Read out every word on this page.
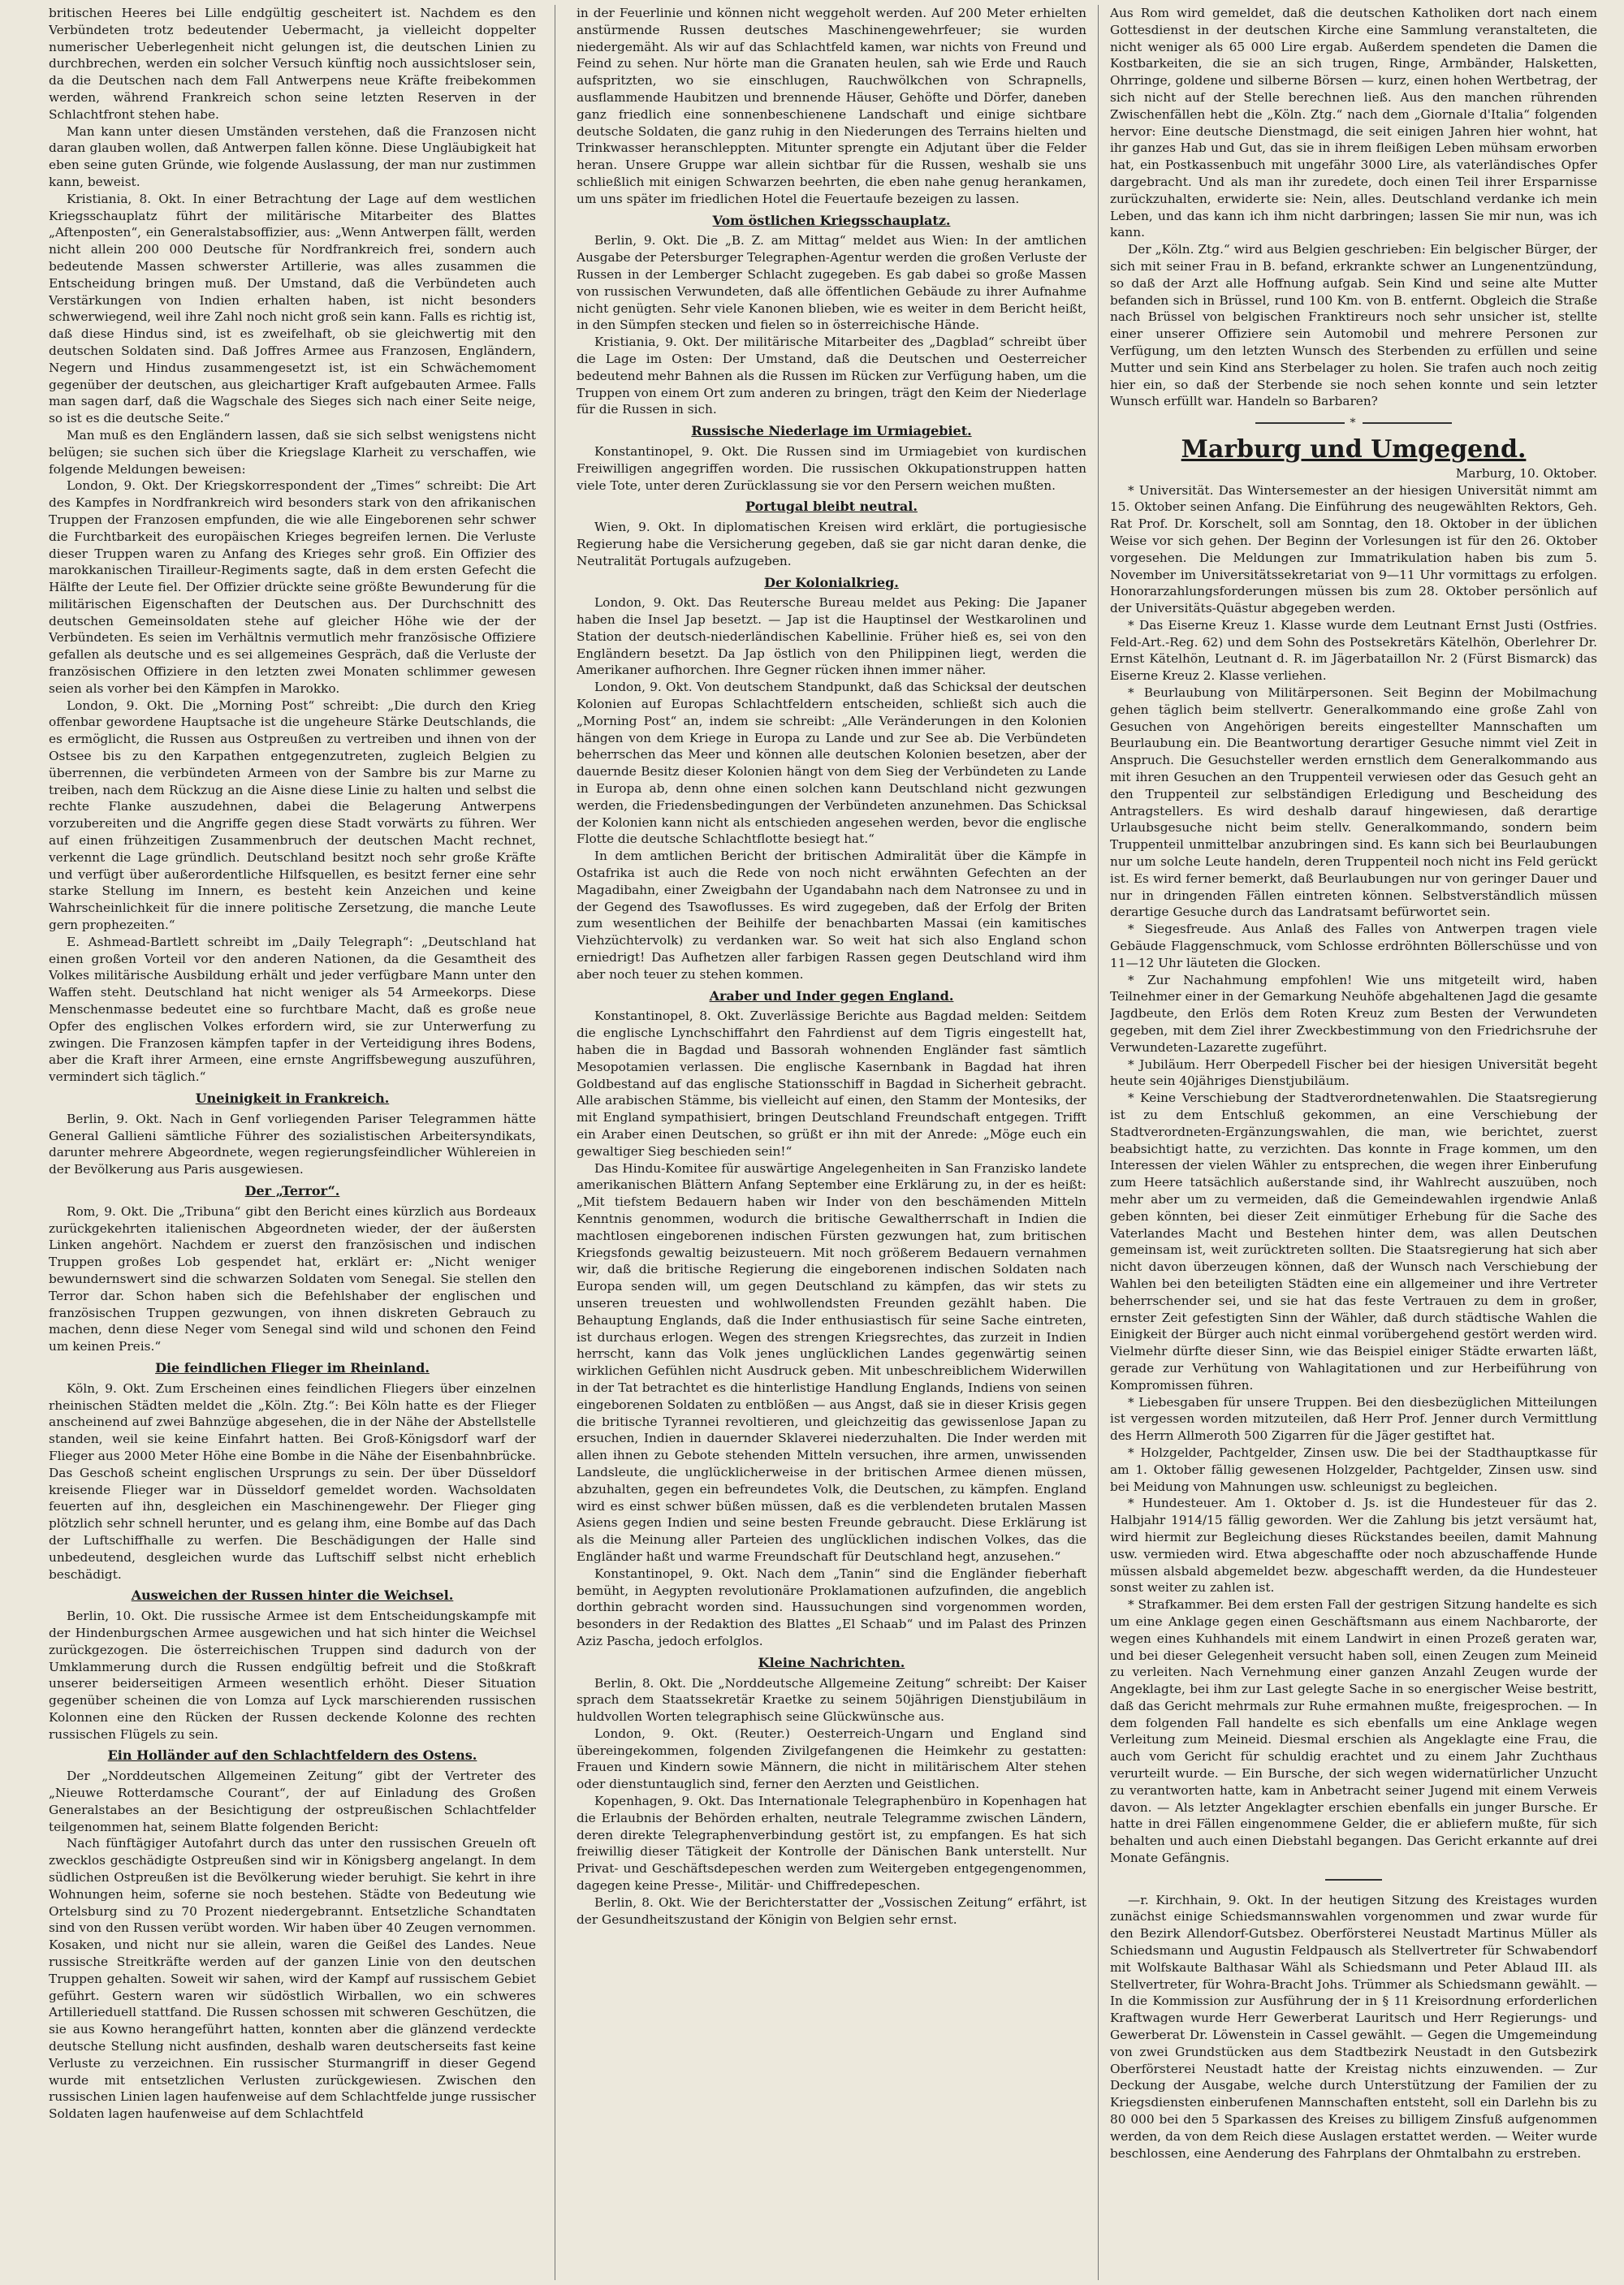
britischen Heeres bei Lille endgültig gescheitert ist. Nachdem es den Verbündeten trotz bedeutender Uebermacht, ja vielleicht doppelter numerischer Ueberlegenheit nicht gelungen ist, die deutschen Linien zu durchbrechen, werden ein solcher Versuch künftig noch aussichtsloser sein, da die Deutschen nach dem Fall Antwerpens neue Kräfte freibekommen werden, während Frankreich schon seine letzten Reserven in der Schlachtfront stehen habe.

Man kann unter diesen Umständen verstehen, daß die Franzosen nicht daran glauben wollen, daß Antwerpen fallen könne. Diese Ungläubigkeit hat eben seine guten Gründe, wie folgende Auslassung, der man nur zustimmen kann, beweist.

Kristiania, 8. Okt. In einer Betrachtung der Lage auf dem westlichen Kriegsschauplatz führt der militärische Mitarbeiter des Blattes „Aftenposten“, ein Generalstabsoffizier, aus: „Wenn Antwerpen fällt, werden nicht allein 200 000 Deutsche für Nordfrankreich frei, sondern auch bedeutende Massen schwerster Artillerie, was alles zusammen die Entscheidung bringen muß. Der Umstand, daß die Verbündeten auch Verstärkungen von Indien erhalten haben, ist nicht besonders schwerwiegend, weil ihre Zahl noch nicht groß sein kann. Falls es richtig ist, daß diese Hindus sind, ist es zweifelhaft, ob sie gleichwertig mit den deutschen Soldaten sind. Daß Joffres Armee aus Franzosen, Engländern, Negern und Hindus zusammengesetzt ist, ist ein Schwächemoment gegenüber der deutschen, aus gleichartiger Kraft aufgebauten Armee. Falls man sagen darf, daß die Wagschale des Sieges sich nach einer Seite neige, so ist es die deutsche Seite.“

Man muß es den Engländern lassen, daß sie sich selbst wenigstens nicht belügen; sie suchen sich über die Kriegslage Klarheit zu verschaffen, wie folgende Meldungen beweisen:

London, 9. Okt. Der Kriegskorrespondent der „Times“ schreibt: Die Art des Kampfes in Nordfrankreich wird besonders stark von den afrikanischen Truppen der Franzosen empfunden, die wie alle Eingeborenen sehr schwer die Furchtbarkeit des europäischen Krieges begreifen lernen. Die Verluste dieser Truppen waren zu Anfang des Krieges sehr groß. Ein Offizier des marokkanischen Tirailleur-Regiments sagte, daß in dem ersten Gefecht die Hälfte der Leute fiel. Der Offizier drückte seine größte Bewunderung für die militärischen Eigenschaften der Deutschen aus. Der Durchschnitt des deutschen Gemeinsoldaten stehe auf gleicher Höhe wie der der Verbündeten. Es seien im Verhältnis vermutlich mehr französische Offiziere gefallen als deutsche und es sei allgemeines Gespräch, daß die Verluste der französischen Offiziere in den letzten zwei Monaten schlimmer gewesen seien als vorher bei den Kämpfen in Marokko.

London, 9. Okt. Die „Morning Post“ schreibt: „Die durch den Krieg offenbar gewordene Hauptsache ist die ungeheure Stärke Deutschlands, die es ermöglicht, die Russen aus Ostpreußen zu vertreiben und ihnen von der Ostsee bis zu den Karpathen entgegenzutreten, zugleich Belgien zu überrennen, die verbündeten Armeen von der Sambre bis zur Marne zu treiben, nach dem Rückzug an die Aisne diese Linie zu halten und selbst die rechte Flanke auszudehnen, dabei die Belagerung Antwerpens vorzubereiten und die Angriffe gegen diese Stadt vorwärts zu führen. Wer auf einen frühzeitigen Zusammenbruch der deutschen Macht rechnet, verkennt die Lage gründlich. Deutschland besitzt noch sehr große Kräfte und verfügt über außerordentliche Hilfsquellen, es besitzt ferner eine sehr starke Stellung im Innern, es besteht kein Anzeichen und keine Wahrscheinlichkeit für die innere politische Zersetzung, die manche Leute gern prophezeiten.“

E. Ashmead-Bartlett schreibt im „Daily Telegraph“: „Deutschland hat einen großen Vorteil vor den anderen Nationen, da die Gesamtheit des Volkes militärische Ausbildung erhält und jeder verfügbare Mann unter den Waffen steht. Deutschland hat nicht weniger als 54 Armeekorps. Diese Menschenmasse bedeutet eine so furchtbare Macht, daß es große neue Opfer des englischen Volkes erfordern wird, sie zur Unterwerfung zu zwingen. Die Franzosen kämpfen tapfer in der Verteidigung ihres Bodens, aber die Kraft ihrer Armeen, eine ernste Angriffsbewegung auszuführen, vermindert sich täglich.“

Uneinigkeit in Frankreich.

Berlin, 9. Okt. Nach in Genf vorliegenden Pariser Telegrammen hätte General Gallieni sämtliche Führer des sozialistischen Arbeitersyndikats, darunter mehrere Abgeordnete, wegen regierungsfeindlicher Wühlereien in der Bevölkerung aus Paris ausgewiesen.

Der „Terror“.

Rom, 9. Okt. Die „Tribuna“ gibt den Bericht eines kürzlich aus Bordeaux zurückgekehrten italienischen Abgeordneten wieder, der der äußersten Linken angehört. Nachdem er zuerst den französischen und indischen Truppen großes Lob gespendet hat, erklärt er: „Nicht weniger bewundernswert sind die schwarzen Soldaten vom Senegal. Sie stellen den Terror dar. Schon haben sich die Befehlshaber der englischen und französischen Truppen gezwungen, von ihnen diskreten Gebrauch zu machen, denn diese Neger vom Senegal sind wild und schonen den Feind um keinen Preis.“

Die feindlichen Flieger im Rheinland.

Köln, 9. Okt. Zum Erscheinen eines feindlichen Fliegers über einzelnen rheinischen Städten meldet die „Köln. Ztg.“: Bei Köln hatte es der Flieger anscheinend auf zwei Bahnzüge abgesehen, die in der Nähe der Abstellstelle standen, weil sie keine Einfahrt hatten. Bei Groß-Königsdorf warf der Flieger aus 2000 Meter Höhe eine Bombe in die Nähe der Eisenbahnbrücke. Das Geschoß scheint englischen Ursprungs zu sein. Der über Düsseldorf kreisende Flieger war in Düsseldorf gemeldet worden. Wachsoldaten feuerten auf ihn, desgleichen ein Maschinengewehr. Der Flieger ging plötzlich sehr schnell herunter, und es gelang ihm, eine Bombe auf das Dach der Luftschiffhalle zu werfen. Die Beschädigungen der Halle sind unbedeutend, desgleichen wurde das Luftschiff selbst nicht erheblich beschädigt.

Ausweichen der Russen hinter die Weichsel.

Berlin, 10. Okt. Die russische Armee ist dem Entscheidungskampfe mit der Hindenburgschen Armee ausgewichen und hat sich hinter die Weichsel zurückgezogen. Die österreichischen Truppen sind dadurch von der Umklammerung durch die Russen endgültig befreit und die Stoßkraft unserer beiderseitigen Armeen wesentlich erhöht. Dieser Situation gegenüber scheinen die von Lomza auf Lyck marschierenden russischen Kolonnen eine den Rücken der Russen deckende Kolonne des rechten russischen Flügels zu sein.

Ein Holländer auf den Schlachtfeldern des Ostens.

Der „Norddeutschen Allgemeinen Zeitung“ gibt der Vertreter des „Nieuwe Rotterdamsche Courant“, der auf Einladung des Großen Generalstabes an der Besichtigung der ostpreußischen Schlachtfelder teilgenommen hat, seinem Blatte folgenden Bericht:

Nach fünftägiger Autofahrt durch das unter den russischen Greueln oft zwecklos geschädigte Ostpreußen sind wir in Königsberg angelangt. In dem südlichen Ostpreußen ist die Bevölkerung wieder beruhigt. Sie kehrt in ihre Wohnungen heim, soferne sie noch bestehen. Städte von Bedeutung wie Ortelsburg sind zu 70 Prozent niedergebrannt. Entsetzliche Schandtaten sind von den Russen verübt worden. Wir haben über 40 Zeugen vernommen. Kosaken, und nicht nur sie allein, waren die Geißel des Landes. Neue russische Streitkräfte werden auf der ganzen Linie von den deutschen Truppen gehalten. Soweit wir sahen, wird der Kampf auf russischem Gebiet geführt. Gestern waren wir südöstlich Wirballen, wo ein schweres Artillerieduell stattfand. Die Russen schossen mit schweren Geschützen, die sie aus Kowno herangeführt hatten, konnten aber die glänzend verdeckte deutsche Stellung nicht ausfinden, deshalb waren deutscherseits fast keine Verluste zu verzeichnen. Ein russischer Sturmangriff in dieser Gegend wurde mit entsetzlichen Verlusten zurückgewiesen. Zwischen den russischen Linien lagen haufenweise auf dem Schlachtfelde junge russischer Soldaten lagen haufenweise auf dem Schlachtfeld

in der Feuerlinie und können nicht weggeholt werden. Auf 200 Meter erhielten anstürmende Russen deutsches Maschinengewehrfeuer; sie wurden niedergemäht. Als wir auf das Schlachtfeld kamen, war nichts von Freund und Feind zu sehen. Nur hörte man die Granaten heulen, sah wie Erde und Rauch aufspritzten, wo sie einschlugen, Rauchwölkchen von Schrapnells, ausflammende Haubitzen und brennende Häuser, Gehöfte und Dörfer, daneben ganz friedlich eine sonnenbeschienene Landschaft und einige sichtbare deutsche Soldaten, die ganz ruhig in den Niederungen des Terrains hielten und Trinkwasser heranschleppten. Mitunter sprengte ein Adjutant über die Felder heran. Unsere Gruppe war allein sichtbar für die Russen, weshalb sie uns schließlich mit einigen Schwarzen beehrten, die eben nahe genug herankamen, um uns später im friedlichen Hotel die Feuertaufe bezeigen zu lassen.

Vom östlichen Kriegsschauplatz.

Berlin, 9. Okt. Die „B. Z. am Mittag“ meldet aus Wien: In der amtlichen Ausgabe der Petersburger Telegraphen-Agentur werden die großen Verluste der Russen in der Lemberger Schlacht zugegeben. Es gab dabei so große Massen von russischen Verwundeten, daß alle öffentlichen Gebäude zu ihrer Aufnahme nicht genügten. Sehr viele Kanonen blieben, wie es weiter in dem Bericht heißt, in den Sümpfen stecken und fielen so in österreichische Hände.

Kristiania, 9. Okt. Der militärische Mitarbeiter des „Dagblad“ schreibt über die Lage im Osten: Der Umstand, daß die Deutschen und Oesterreicher bedeutend mehr Bahnen als die Russen im Rücken zur Verfügung haben, um die Truppen von einem Ort zum anderen zu bringen, trägt den Keim der Niederlage für die Russen in sich.

Russische Niederlage im Urmiagebiet.

Konstantinopel, 9. Okt. Die Russen sind im Urmiagebiet von kurdischen Freiwilligen angegriffen worden. Die russischen Okkupationstruppen hatten viele Tote, unter deren Zurücklassung sie vor den Persern weichen mußten.

Portugal bleibt neutral.

Wien, 9. Okt. In diplomatischen Kreisen wird erklärt, die portugiesische Regierung habe die Versicherung gegeben, daß sie gar nicht daran denke, die Neutralität Portugals aufzugeben.

Der Kolonialkrieg.

London, 9. Okt. Das Reutersche Bureau meldet aus Peking: Die Japaner haben die Insel Jap besetzt. — Jap ist die Hauptinsel der Westkarolinen und Station der deutsch-niederländischen Kabellinie. Früher hieß es, sei von den Engländern besetzt. Da Jap östlich von den Philippinen liegt, werden die Amerikaner aufhorchen. Ihre Gegner rücken ihnen immer näher.

London, 9. Okt. Von deutschem Standpunkt, daß das Schicksal der deutschen Kolonien auf Europas Schlachtfeldern entscheiden, schließt sich auch die „Morning Post“ an, indem sie schreibt: „Alle Veränderungen in den Kolonien hängen von dem Kriege in Europa zu Lande und zur See ab. Die Verbündeten beherrschen das Meer und können alle deutschen Kolonien besetzen, aber der dauernde Besitz dieser Kolonien hängt von dem Sieg der Verbündeten zu Lande in Europa ab, denn ohne einen solchen kann Deutschland nicht gezwungen werden, die Friedensbedingungen der Verbündeten anzunehmen. Das Schicksal der Kolonien kann nicht als entschieden angesehen werden, bevor die englische Flotte die deutsche Schlachtflotte besiegt hat.“

In dem amtlichen Bericht der britischen Admiralität über die Kämpfe in Ostafrika ist auch die Rede von noch nicht erwähnten Gefechten an der Magadibahn, einer Zweigbahn der Ugandabahn nach dem Natronsee zu und in der Gegend des Tsawoflusses. Es wird zugegeben, daß der Erfolg der Briten zum wesentlichen der Beihilfe der benachbarten Massai (ein kamitisches Viehzüchtervolk) zu verdanken war. So weit hat sich also England schon erniedrigt! Das Aufhetzen aller farbigen Rassen gegen Deutschland wird ihm aber noch teuer zu stehen kommen.

Araber und Inder gegen England.

Konstantinopel, 8. Okt. Zuverlässige Berichte aus Bagdad melden: Seitdem die englische Lynchschiffahrt den Fahrdienst auf dem Tigris eingestellt hat, haben die in Bagdad und Bassorah wohnenden Engländer fast sämtlich Mesopotamien verlassen. Die englische Kasernbank in Bagdad hat ihren Goldbestand auf das englische Stationsschiff in Bagdad in Sicherheit gebracht. Alle arabischen Stämme, bis vielleicht auf einen, den Stamm der Montesiks, der mit England sympathisiert, bringen Deutschland Freundschaft entgegen. Trifft ein Araber einen Deutschen, so grüßt er ihn mit der Anrede: „Möge euch ein gewaltiger Sieg beschieden sein!“

Das Hindu-Komitee für auswärtige Angelegenheiten in San Franzisko landete amerikanischen Blättern Anfang September eine Erklärung zu, in der es heißt: „Mit tiefstem Bedauern haben wir Inder von den beschämenden Mitteln Kenntnis genommen, wodurch die britische Gewaltherrschaft in Indien die machtlosen eingeborenen indischen Fürsten gezwungen hat, zum britischen Kriegsfonds gewaltig beizusteuern. Mit noch größerem Bedauern vernahmen wir, daß die britische Regierung die eingeborenen indischen Soldaten nach Europa senden will, um gegen Deutschland zu kämpfen, das wir stets zu unseren treuesten und wohlwollendsten Freunden gezählt haben. Die Behauptung Englands, daß die Inder enthusiastisch für seine Sache eintreten, ist durchaus erlogen. Wegen des strengen Kriegsrechtes, das zurzeit in Indien herrscht, kann das Volk jenes unglücklichen Landes gegenwärtig seinen wirklichen Gefühlen nicht Ausdruck geben. Mit unbeschreiblichem Widerwillen in der Tat betrachtet es die hinterlistige Handlung Englands, Indiens von seinen eingeborenen Soldaten zu entblößen — aus Angst, daß sie in dieser Krisis gegen die britische Tyrannei revoltieren, und gleichzeitig das gewissenlose Japan zu ersuchen, Indien in dauernder Sklaverei niederzuhalten. Die Inder werden mit allen ihnen zu Gebote stehenden Mitteln versuchen, ihre armen, unwissenden Landsleute, die unglücklicherweise in der britischen Armee dienen müssen, abzuhalten, gegen ein befreundetes Volk, die Deutschen, zu kämpfen. England wird es einst schwer büßen müssen, daß es die verblendeten brutalen Massen Asiens gegen Indien und seine besten Freunde gebraucht. Diese Erklärung ist als die Meinung aller Parteien des unglücklichen indischen Volkes, das die Engländer haßt und warme Freundschaft für Deutschland hegt, anzusehen.“

Konstantinopel, 9. Okt. Nach dem „Tanin“ sind die Engländer fieberhaft bemüht, in Aegypten revolutionäre Proklamationen aufzufinden, die angeblich dorthin gebracht worden sind. Haussuchungen sind vorgenommen worden, besonders in der Redaktion des Blattes „El Schaab“ und im Palast des Prinzen Aziz Pascha, jedoch erfolglos.

Kleine Nachrichten.

Berlin, 8. Okt. Die „Norddeutsche Allgemeine Zeitung“ schreibt: Der Kaiser sprach dem Staatssekretär Kraetke zu seinem 50jährigen Dienstjubiläum in huldvollen Worten telegraphisch seine Glückwünsche aus.

London, 9. Okt. (Reuter.) Oesterreich-Ungarn und England sind übereingekommen, folgenden Zivilgefangenen die Heimkehr zu gestatten: Frauen und Kindern sowie Männern, die nicht in militärischem Alter stehen oder dienstuntauglich sind, ferner den Aerzten und Geistlichen.

Kopenhagen, 9. Okt. Das Internationale Telegraphenbüro in Kopenhagen hat die Erlaubnis der Behörden erhalten, neutrale Telegramme zwischen Ländern, deren direkte Telegraphenverbindung gestört ist, zu empfangen. Es hat sich freiwillig dieser Tätigkeit der Kontrolle der Dänischen Bank unterstellt. Nur Privat- und Geschäftsdepeschen werden zum Weitergeben entgegengenommen, dagegen keine Presse-, Militär- und Chiffredepeschen.

Berlin, 8. Okt. Wie der Berichterstatter der „Vossischen Zeitung“ erfährt, ist der Gesundheitszustand der Königin von Belgien sehr ernst.

Aus Rom wird gemeldet, daß die deutschen Katholiken dort nach einem Gottesdienst in der deutschen Kirche eine Sammlung veranstalteten, die nicht weniger als 65 000 Lire ergab. Außerdem spendeten die Damen die Kostbarkeiten, die sie an sich trugen, Ringe, Armbänder, Halsketten, Ohrringe, goldene und silberne Börsen — kurz, einen hohen Wertbetrag, der sich nicht auf der Stelle berechnen ließ. Aus den manchen rührenden Zwischenfällen hebt die „Köln. Ztg.“ nach dem „Giornale d'Italia“ folgenden hervor: Eine deutsche Dienstmagd, die seit einigen Jahren hier wohnt, hat ihr ganzes Hab und Gut, das sie in ihrem fleißigen Leben mühsam erworben hat, ein Postkassenbuch mit ungefähr 3000 Lire, als vaterländisches Opfer dargebracht. Und als man ihr zuredete, doch einen Teil ihrer Ersparnisse zurückzuhalten, erwiderte sie: Nein, alles. Deutschland verdanke ich mein Leben, und das kann ich ihm nicht darbringen; lassen Sie mir nun, was ich kann.

Der „Köln. Ztg.“ wird aus Belgien geschrieben: Ein belgischer Bürger, der sich mit seiner Frau in B. befand, erkrankte schwer an Lungenentzündung, so daß der Arzt alle Hoffnung aufgab. Sein Kind und seine alte Mutter befanden sich in Brüssel, rund 100 Km. von B. entfernt. Obgleich die Straße nach Brüssel von belgischen Franktireurs noch sehr unsicher ist, stellte einer unserer Offiziere sein Automobil und mehrere Personen zur Verfügung, um den letzten Wunsch des Sterbenden zu erfüllen und seine Mutter und sein Kind ans Sterbelager zu holen. Sie trafen auch noch zeitig hier ein, so daß der Sterbende sie noch sehen konnte und sein letzter Wunsch erfüllt war. Handeln so Barbaren?

*
Marburg und Umgegend.

Marburg, 10. Oktober.

* Universität. Das Wintersemester an der hiesigen Universität nimmt am 15. Oktober seinen Anfang. Die Einführung des neugewählten Rektors, Geh. Rat Prof. Dr. Korschelt, soll am Sonntag, den 18. Oktober in der üblichen Weise vor sich gehen. Der Beginn der Vorlesungen ist für den 26. Oktober vorgesehen. Die Meldungen zur Immatrikulation haben bis zum 5. November im Universitätssekretariat von 9—11 Uhr vormittags zu erfolgen. Honorarzahlungsforderungen müssen bis zum 28. Oktober persönlich auf der Universitäts-Quästur abgegeben werden.

* Das Eiserne Kreuz 1. Klasse wurde dem Leutnant Ernst Justi (Ostfries. Feld-Art.-Reg. 62) und dem Sohn des Postsekretärs Kätelhön, Oberlehrer Dr. Ernst Kätelhön, Leutnant d. R. im Jägerbataillon Nr. 2 (Fürst Bismarck) das Eiserne Kreuz 2. Klasse verliehen.

* Beurlaubung von Militärpersonen. Seit Beginn der Mobilmachung gehen täglich beim stellvertr. Generalkommando eine große Zahl von Gesuchen von Angehörigen bereits eingestellter Mannschaften um Beurlaubung ein. Die Beantwortung derartiger Gesuche nimmt viel Zeit in Anspruch. Die Gesuchsteller werden ernstlich dem Generalkommando aus mit ihren Gesuchen an den Truppenteil verwiesen oder das Gesuch geht an den Truppenteil zur selbständigen Erledigung und Bescheidung des Antragstellers. Es wird deshalb darauf hingewiesen, daß derartige Urlaubsgesuche nicht beim stellv. Generalkommando, sondern beim Truppenteil unmittelbar anzubringen sind. Es kann sich bei Beurlaubungen nur um solche Leute handeln, deren Truppenteil noch nicht ins Feld gerückt ist. Es wird ferner bemerkt, daß Beurlaubungen nur von geringer Dauer und nur in dringenden Fällen eintreten können. Selbstverständlich müssen derartige Gesuche durch das Landratsamt befürwortet sein.

* Siegesfreude. Aus Anlaß des Falles von Antwerpen tragen viele Gebäude Flaggenschmuck, vom Schlosse erdröhnten Böllerschüsse und von 11—12 Uhr läuteten die Glocken.

* Zur Nachahmung empfohlen! Wie uns mitgeteilt wird, haben Teilnehmer einer in der Gemarkung Neuhöfe abgehaltenen Jagd die gesamte Jagdbeute, den Erlös dem Roten Kreuz zum Besten der Verwundeten gegeben, mit dem Ziel ihrer Zweckbestimmung von den Friedrichsruhe der Verwundeten-Lazarette zugeführt.

* Jubiläum. Herr Oberpedell Fischer bei der hiesigen Universität begeht heute sein 40jähriges Dienstjubiläum.

* Keine Verschiebung der Stadtverordnetenwahlen. Die Staatsregierung ist zu dem Entschluß gekommen, an eine Verschiebung der Stadtverordneten-Ergänzungswahlen, die man, wie berichtet, zuerst beabsichtigt hatte, zu verzichten. Das konnte in Frage kommen, um den Interessen der vielen Wähler zu entsprechen, die wegen ihrer Einberufung zum Heere tatsächlich außerstande sind, ihr Wahlrecht auszuüben, noch mehr aber um zu vermeiden, daß die Gemeindewahlen irgendwie Anlaß geben könnten, bei dieser Zeit einmütiger Erhebung für die Sache des Vaterlandes Macht und Bestehen hinter dem, was allen Deutschen gemeinsam ist, weit zurücktreten sollten. Die Staatsregierung hat sich aber nicht davon überzeugen können, daß der Wunsch nach Verschiebung der Wahlen bei den beteiligten Städten eine ein allgemeiner und ihre Vertreter beherrschender sei, und sie hat das feste Vertrauen zu dem in großer, ernster Zeit gefestigten Sinn der Wähler, daß durch städtische Wahlen die Einigkeit der Bürger auch nicht einmal vorübergehend gestört werden wird. Vielmehr dürfte dieser Sinn, wie das Beispiel einiger Städte erwarten läßt, gerade zur Verhütung von Wahlagitationen und zur Herbeiführung von Kompromissen führen.

* Liebesgaben für unsere Truppen. Bei den diesbezüglichen Mitteilungen ist vergessen worden mitzuteilen, daß Herr Prof. Jenner durch Vermittlung des Herrn Allmeroth 500 Zigarren für die Jäger gestiftet hat.

* Holzgelder, Pachtgelder, Zinsen usw. Die bei der Stadthauptkasse für am 1. Oktober fällig gewesenen Holzgelder, Pachtgelder, Zinsen usw. sind bei Meidung von Mahnungen usw. schleunigst zu begleichen.

* Hundesteuer. Am 1. Oktober d. Js. ist die Hundesteuer für das 2. Halbjahr 1914/15 fällig geworden. Wer die Zahlung bis jetzt versäumt hat, wird hiermit zur Begleichung dieses Rückstandes beeilen, damit Mahnung usw. vermieden wird. Etwa abgeschaffte oder noch abzuschaffende Hunde müssen alsbald abgemeldet bezw. abgeschafft werden, da die Hundesteuer sonst weiter zu zahlen ist.

* Strafkammer. Bei dem ersten Fall der gestrigen Sitzung handelte es sich um eine Anklage gegen einen Geschäftsmann aus einem Nachbarorte, der wegen eines Kuhhandels mit einem Landwirt in einen Prozeß geraten war, und bei dieser Gelegenheit versucht haben soll, einen Zeugen zum Meineid zu verleiten. Nach Vernehmung einer ganzen Anzahl Zeugen wurde der Angeklagte, bei ihm zur Last gelegte Sache in so energischer Weise bestritt, daß das Gericht mehrmals zur Ruhe ermahnen mußte, freigesprochen. — In dem folgenden Fall handelte es sich ebenfalls um eine Anklage wegen Verleitung zum Meineid. Diesmal erschien als Angeklagte eine Frau, die auch vom Gericht für schuldig erachtet und zu einem Jahr Zuchthaus verurteilt wurde. — Ein Bursche, der sich wegen widernatürlicher Unzucht zu verantworten hatte, kam in Anbetracht seiner Jugend mit einem Verweis davon. — Als letzter Angeklagter erschien ebenfalls ein junger Bursche. Er hatte in drei Fällen eingenommene Gelder, die er abliefern mußte, für sich behalten und auch einen Diebstahl begangen. Das Gericht erkannte auf drei Monate Gefängnis.

—r. Kirchhain, 9. Okt. In der heutigen Sitzung des Kreistages wurden zunächst einige Schiedsmannswahlen vorgenommen und zwar wurde für den Bezirk Allendorf-Gutsbez. Oberförsterei Neustadt Martinus Müller als Schiedsmann und Augustin Feldpausch als Stellvertreter für Schwabendorf mit Wolfskaute Balthasar Wähl als Schiedsmann und Peter Ablaud III. als Stellvertreter, für Wohra-Bracht Johs. Trümmer als Schiedsmann gewählt. — In die Kommission zur Ausführung der in § 11 Kreisordnung erforderlichen Kraftwagen wurde Herr Gewerberat Lauritsch und Herr Regierungs- und Gewerberat Dr. Löwenstein in Cassel gewählt. — Gegen die Umgemeindung von zwei Grundstücken aus dem Stadtbezirk Neustadt in den Gutsbezirk Oberförsterei Neustadt hatte der Kreistag nichts einzuwenden. — Zur Deckung der Ausgabe, welche durch Unterstützung der Familien der zu Kriegsdiensten einberufenen Mannschaften entsteht, soll ein Darlehn bis zu 80 000 bei den 5 Sparkassen des Kreises zu billigem Zinsfuß aufgenommen werden, da von dem Reich diese Auslagen erstattet werden. — Weiter wurde beschlossen, eine Aenderung des Fahrplans der Ohmtalbahn zu erstreben.
